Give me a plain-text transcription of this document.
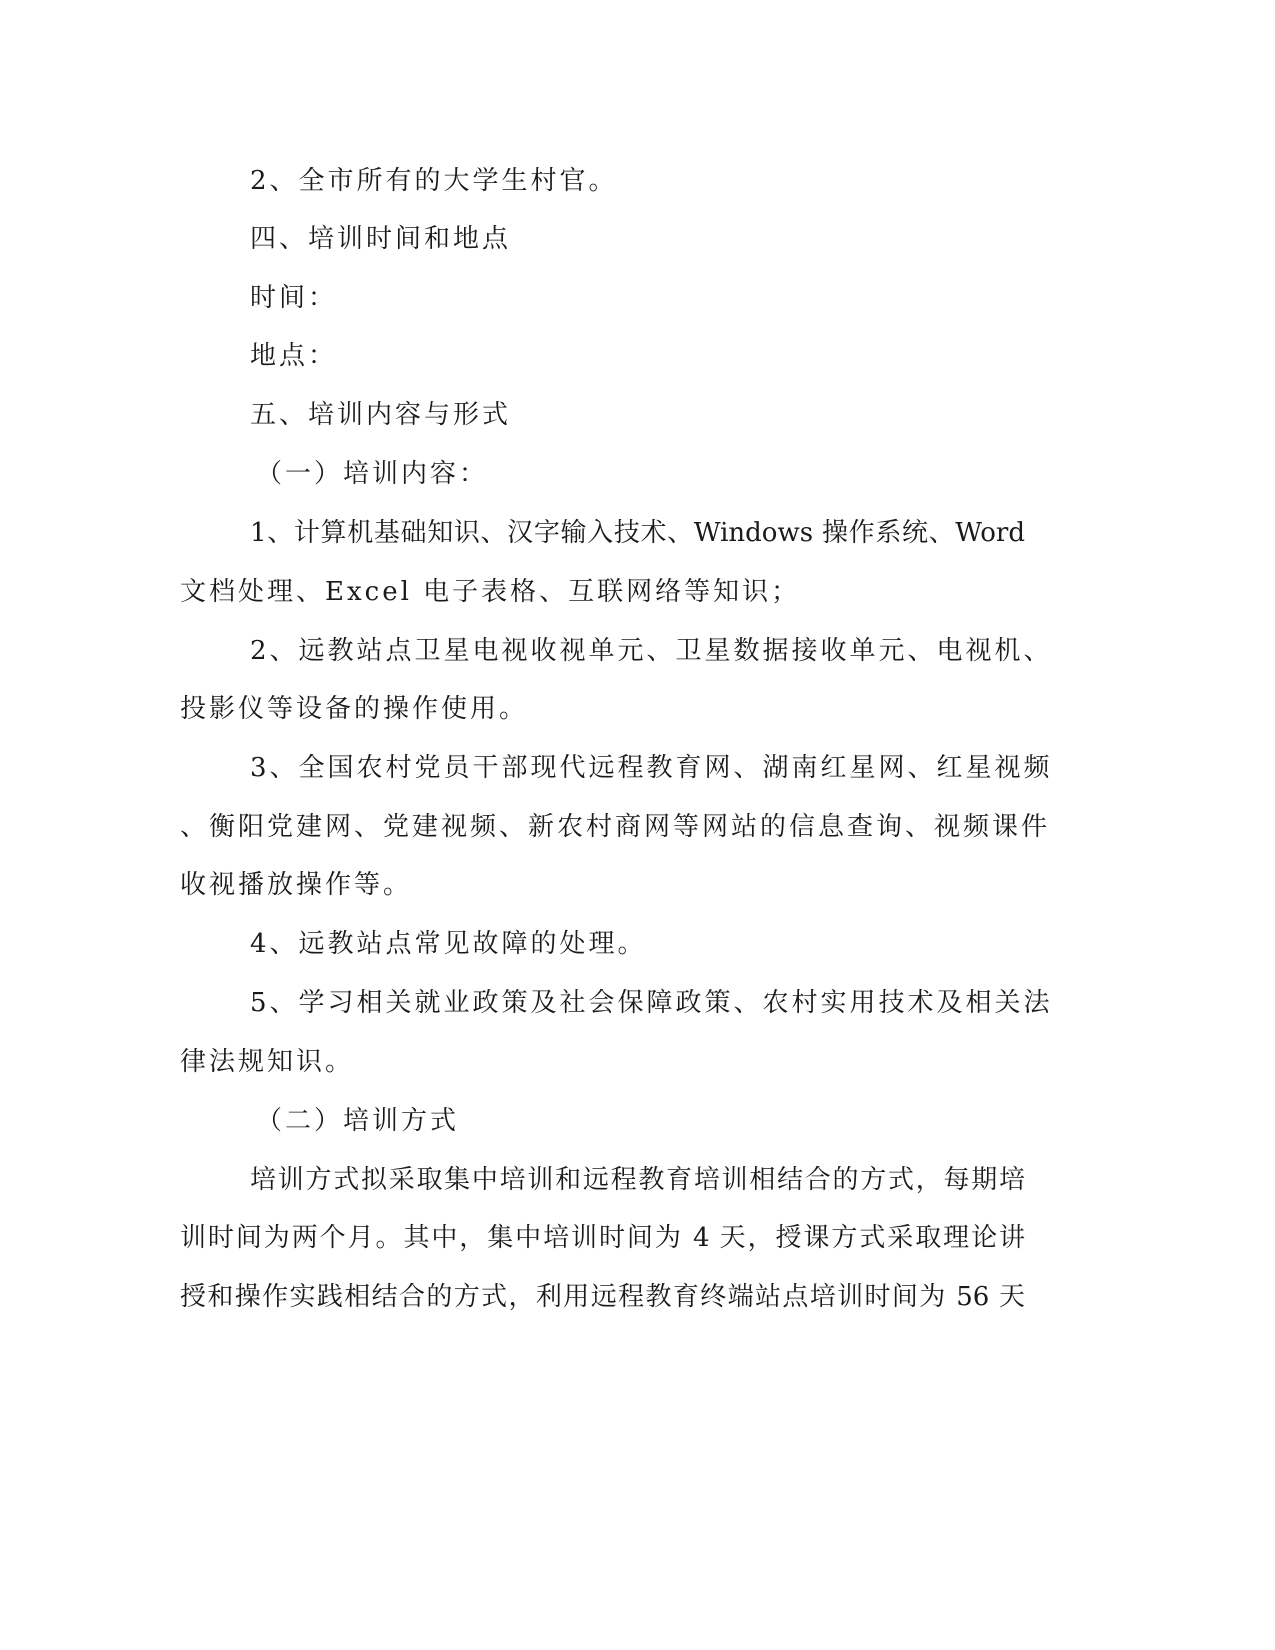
2、全市所有的大学生村官。
四、培训时间和地点
时间：
地点：
五、培训内容与形式
（一）培训内容：
1、计算机基础知识、汉字输入技术、Windows 操作系统、Word
文档处理、Excel 电子表格、互联网络等知识；
2、远教站点卫星电视收视单元、卫星数据接收单元、电视机、
投影仪等设备的操作使用。
3、全国农村党员干部现代远程教育网、湖南红星网、红星视频
、衡阳党建网、党建视频、新农村商网等网站的信息查询、视频课件
收视播放操作等。
4、远教站点常见故障的处理。
5、学习相关就业政策及社会保障政策、农村实用技术及相关法
律法规知识。
（二）培训方式
培训方式拟采取集中培训和远程教育培训相结合的方式，每期培
训时间为两个月。其中，集中培训时间为 4 天，授课方式采取理论讲
授和操作实践相结合的方式，利用远程教育终端站点培训时间为 56 天
